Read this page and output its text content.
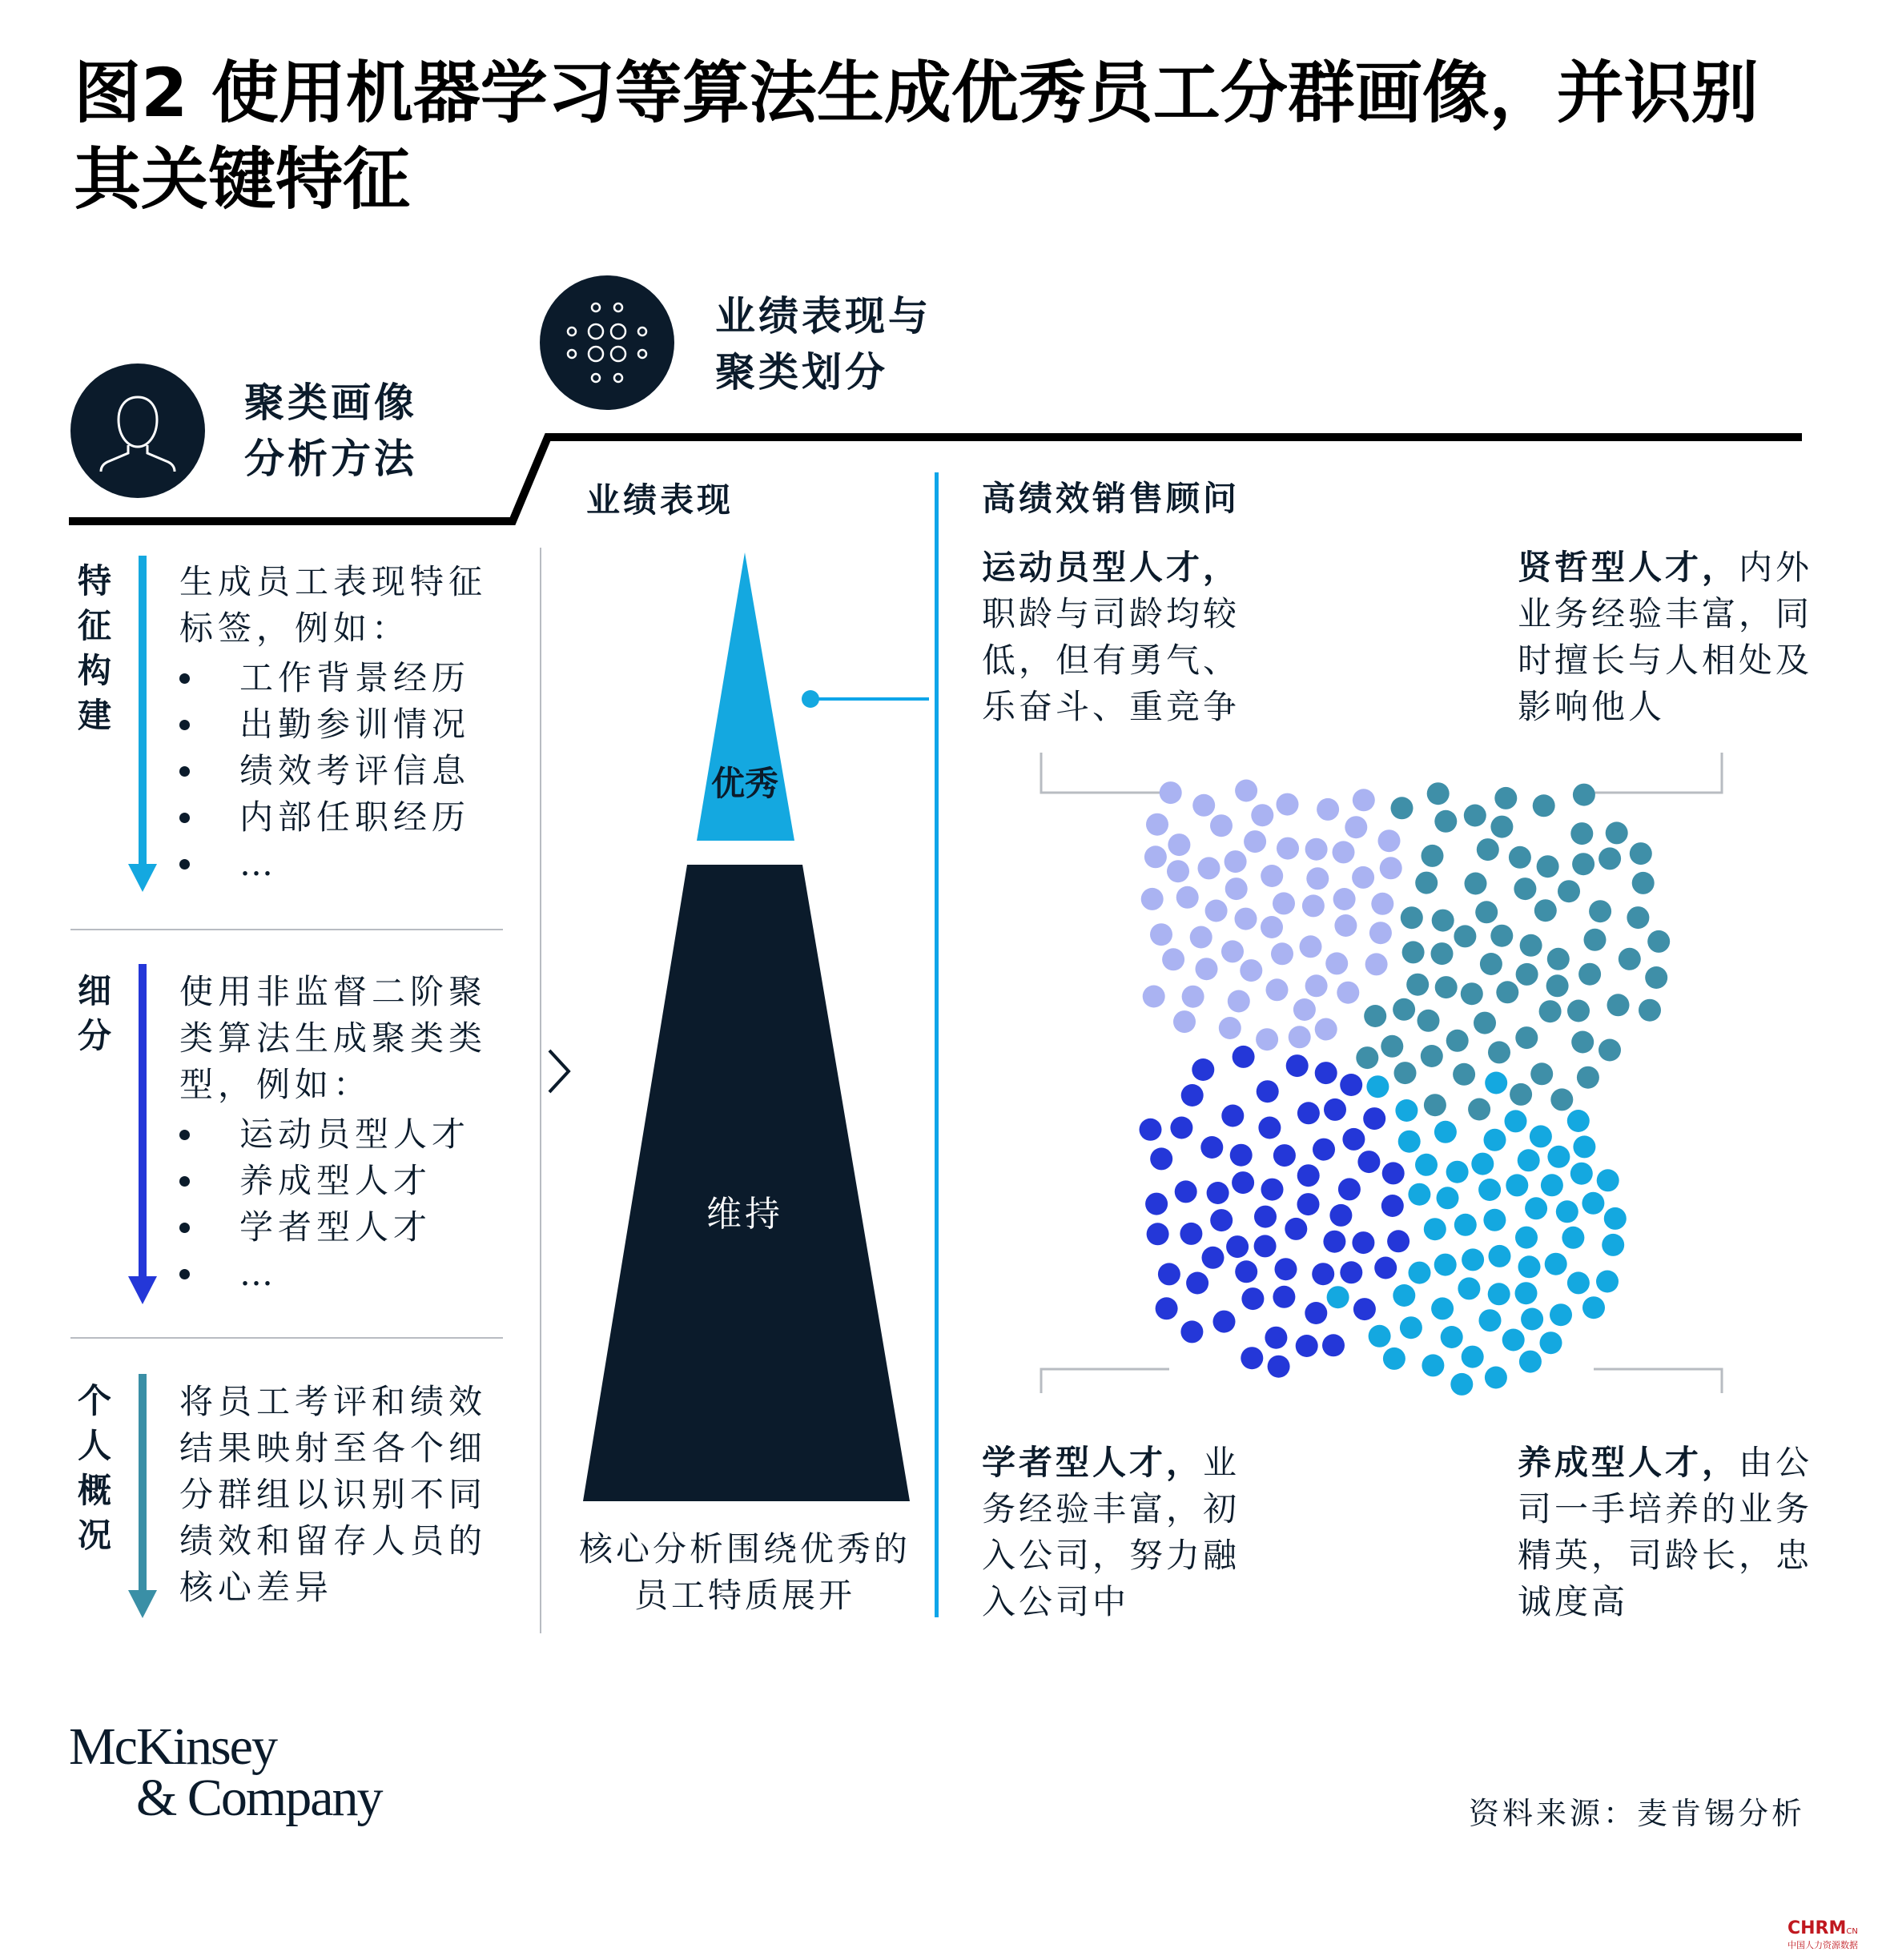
图2 使用机器学习等算法生成优秀员工分群画像，并识别其关键特征
聚类画像
分析方法
业绩表现与
聚类划分
特
征
构
建
生成员工表现特征标签，例如：
工作背景经历
出勤参训情况
绩效考评信息
内部任职经历
…
细
分
使用非监督二阶聚类算法生成聚类类型，例如：
运动员型人才
养成型人才
学者型人才
…
个
人
概
况
将员工考评和绩效结果映射至各个细分群组以识别不同绩效和留存人员的核心差异
业绩表现
优秀
维持
核心分析围绕优秀的员工特质展开
高绩效销售顾问
运动员型人才，职龄与司龄均较低，但有勇气、乐奋斗、重竞争
贤哲型人才，内外业务经验丰富，同时擅长与人相处及影响他人
学者型人才，业务经验丰富，初入公司，努力融入公司中
养成型人才，由公司一手培养的业务精英，司龄长，忠诚度高
McKinsey
& Company	资料来源：麦肯锡分析
CHRMCN
中国人力资源数据
